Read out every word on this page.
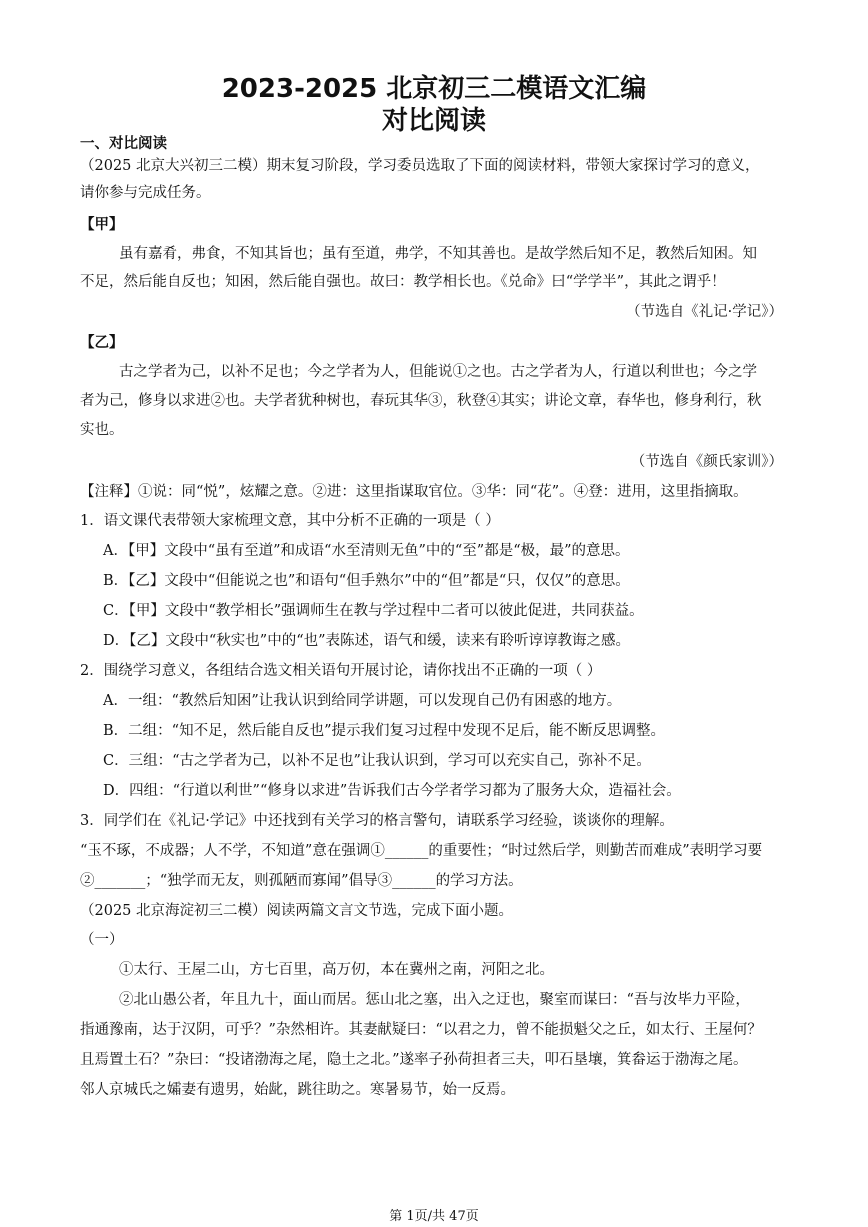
2023-2025 北京初三二模语文汇编
对比阅读
一、对比阅读
（2025 北京大兴初三二模）期末复习阶段，学习委员选取了下面的阅读材料，带领大家探讨学习的意义，
请你参与完成任务。
【甲】
虽有嘉肴，弗食，不知其旨也；虽有至道，弗学，不知其善也。是故学然后知不足，教然后知困。知
不足，然后能自反也；知困，然后能自强也。故曰：教学相长也。《兑命》曰“学学半”，其此之谓乎！
（节选自《礼记·学记》）
【乙】
古之学者为己，以补不足也；今之学者为人，但能说①之也。古之学者为人，行道以利世也；今之学
者为己，修身以求进②也。夫学者犹种树也，春玩其华③，秋登④其实；讲论文章，春华也，修身利行，秋
实也。
（节选自《颜氏家训》）
【注释】①说：同“悦”，炫耀之意。②进：这里指谋取官位。③华：同“花”。④登：进用，这里指摘取。
1．语文课代表带领大家梳理文意，其中分析不正确的一项是（ ）
A．【甲】文段中“虽有至道”和成语“水至清则无鱼”中的“至”都是“极，最”的意思。
B．【乙】文段中“但能说之也”和语句“但手熟尔”中的“但”都是“只，仅仅”的意思。
C．【甲】文段中“教学相长”强调师生在教与学过程中二者可以彼此促进，共同获益。
D．【乙】文段中“秋实也”中的“也”表陈述，语气和缓，读来有聆听谆谆教诲之感。
2．围绕学习意义，各组结合选文相关语句开展讨论，请你找出不正确的一项（ ）
A．一组：“教然后知困”让我认识到给同学讲题，可以发现自己仍有困惑的地方。
B．二组：“知不足，然后能自反也”提示我们复习过程中发现不足后，能不断反思调整。
C．三组：“古之学者为己，以补不足也”让我认识到，学习可以充实自己，弥补不足。
D．四组：“行道以利世”“修身以求进”告诉我们古今学者学习都为了服务大众，造福社会。
3．同学们在《礼记·学记》中还找到有关学习的格言警句，请联系学习经验，谈谈你的理解。
“玉不琢，不成器；人不学，不知道”意在强调①______的重要性；“时过然后学，则勤苦而难成”表明学习要
②_______；“独学而无友，则孤陋而寡闻”倡导③______的学习方法。
（2025 北京海淀初三二模）阅读两篇文言文节选，完成下面小题。
（一）
①太行、王屋二山，方七百里，高万仞，本在冀州之南，河阳之北。
②北山愚公者，年且九十，面山而居。惩山北之塞，出入之迂也，聚室而谋曰：“吾与汝毕力平险，
指通豫南，达于汉阴，可乎？”杂然相许。其妻献疑曰：“以君之力，曾不能损魁父之丘，如太行、王屋何？
且焉置土石？”杂曰：“投诸渤海之尾，隐土之北。”遂率子孙荷担者三夫，叩石垦壤，箕畚运于渤海之尾。
邻人京城氏之孀妻有遗男，始龀，跳往助之。寒暑易节，始一反焉。
第 1页/共 47页
